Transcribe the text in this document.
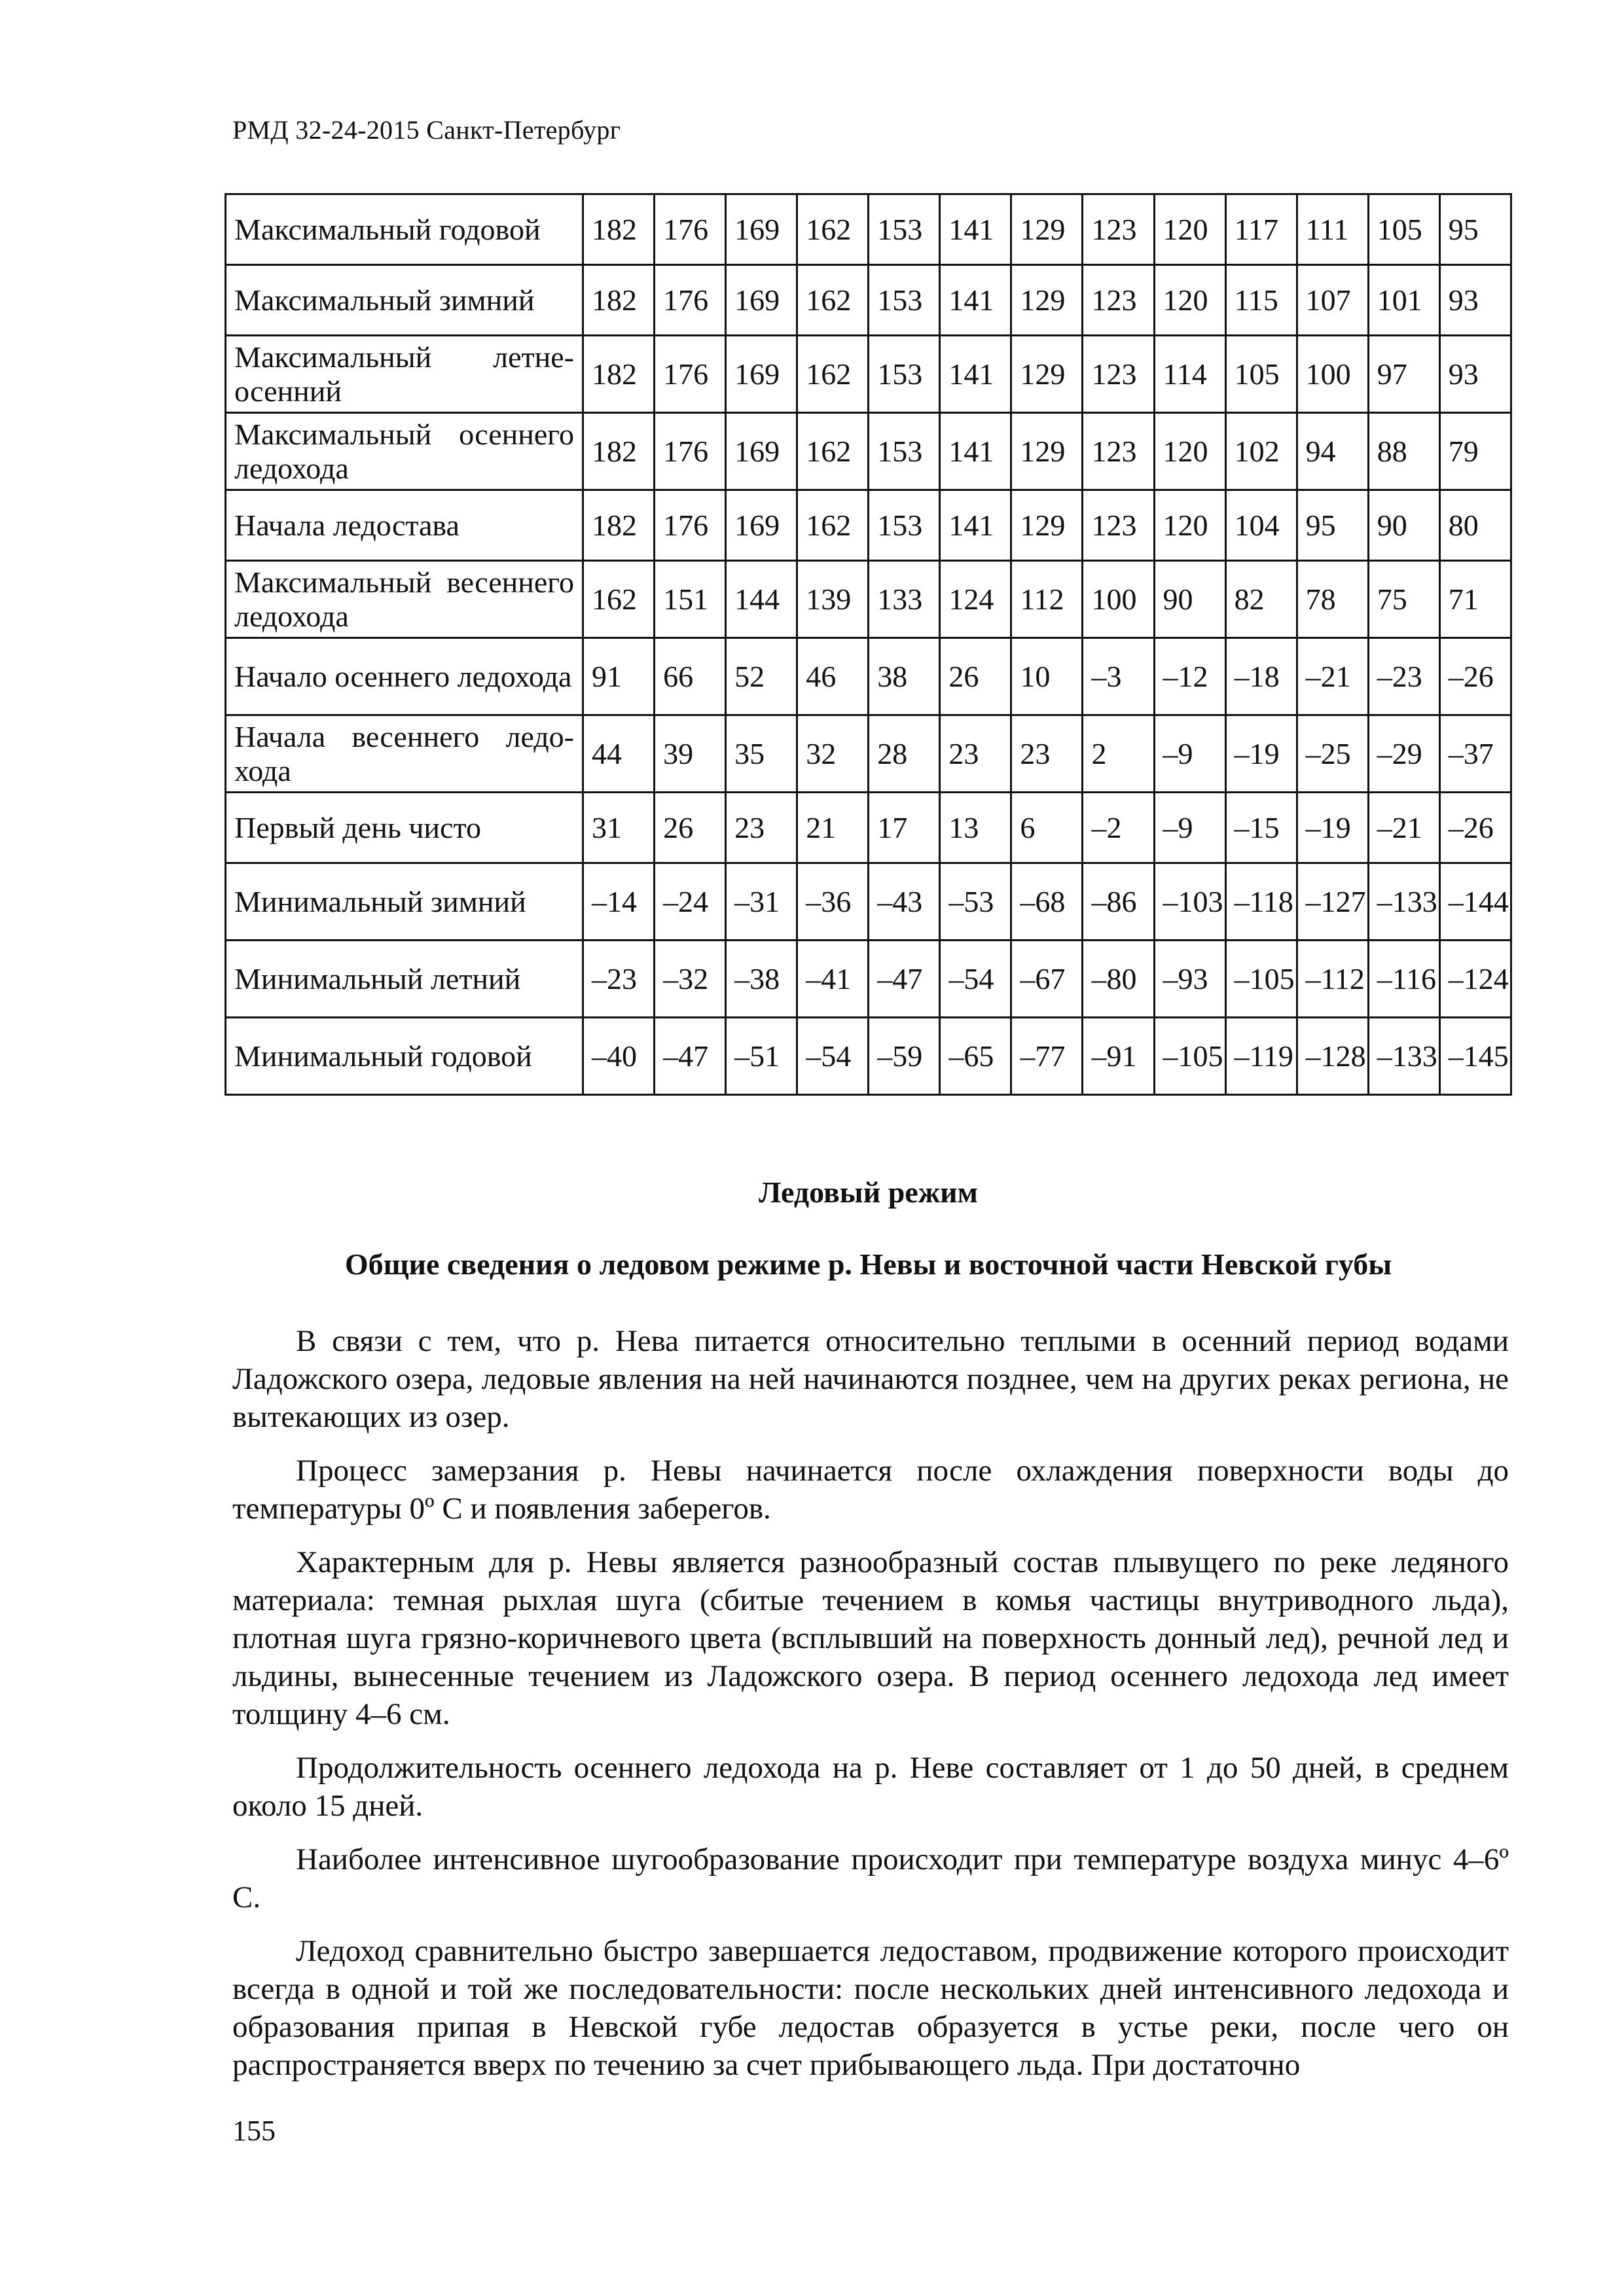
РМД 32-24-2015 Санкт-Петербург
Максимальный годовой	182	176	169	162	153	141	129	123	120	117	111	105	95
Максимальный зимний	182	176	169	162	153	141	129	123	120	115	107	101	93
Максимальный летне-осенний	182	176	169	162	153	141	129	123	114	105	100	97	93
Максимальный осеннего ледохода	182	176	169	162	153	141	129	123	120	102	94	88	79
Начала ледостава	182	176	169	162	153	141	129	123	120	104	95	90	80
Максимальный весеннего ледохода	162	151	144	139	133	124	112	100	90	82	78	75	71
Начало осеннего ледохода	91	66	52	46	38	26	10	–3	–12	–18	–21	–23	–26
Начала весеннего ледохода	44	39	35	32	28	23	23	2	–9	–19	–25	–29	–37
Первый день чисто	31	26	23	21	17	13	6	–2	–9	–15	–19	–21	–26
Минимальный зимний	–14	–24	–31	–36	–43	–53	–68	–86	–103	–118	–127	–133	–144
Минимальный летний	–23	–32	–38	–41	–47	–54	–67	–80	–93	–105	–112	–116	–124
Минимальный годовой	–40	–47	–51	–54	–59	–65	–77	–91	–105	–119	–128	–133	–145
Ледовый режим
Общие сведения о ледовом режиме р. Невы и восточной части Невской губы

В связи с тем, что р. Нева питается относительно теплыми в осенний период водами Ладожского озера, ледовые явления на ней начинаются позднее, чем на других реках региона, не вытекающих из озер.

Процесс замерзания р. Невы начинается после охлаждения поверхности воды до температуры 0º С и появления заберегов.

Характерным для р. Невы является разнообразный состав плывущего по реке ледяного материала: темная рыхлая шуга (сбитые течением в комья частицы внутриводного льда), плотная шуга грязно-коричневого цвета (всплывший на поверхность донный лед), речной лед и льдины, вынесенные течением из Ладожского озера. В период осеннего ледохода лед имеет толщину 4–6 см.

Продолжительность осеннего ледохода на р. Неве составляет от 1 до 50 дней, в среднем около 15 дней.

Наиболее интенсивное шугообразование происходит при температуре воздуха минус 4–6º С.

Ледоход сравнительно быстро завершается ледоставом, продвижение которого происходит всегда в одной и той же последовательности: после нескольких дней интенсивного ледохода и образования припая в Невской губе ледостав образуется в устье реки, после чего он распространяется вверх по течению за счет прибывающего льда. При достаточно

155
